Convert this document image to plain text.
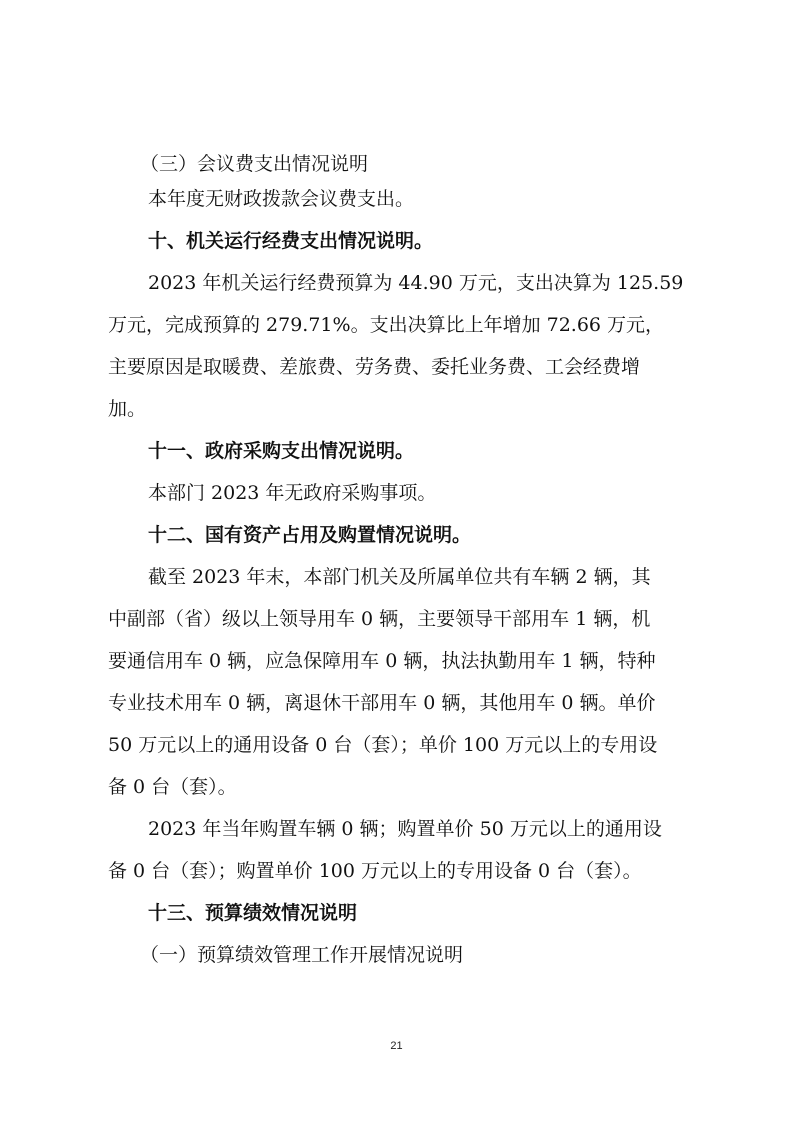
（三）会议费支出情况说明
本年度无财政拨款会议费支出。
十、机关运行经费支出情况说明。
2023 年机关运行经费预算为 44.90 万元，支出决算为 125.59
万元，完成预算的 279.71%。支出决算比上年增加 72.66 万元，
主要原因是取暖费、差旅费、劳务费、委托业务费、工会经费增
加。
十一、政府采购支出情况说明。
本部门 2023 年无政府采购事项。
十二、国有资产占用及购置情况说明。
截至 2023 年末，本部门机关及所属单位共有车辆 2 辆，其
中副部（省）级以上领导用车 0 辆，主要领导干部用车 1 辆，机
要通信用车 0 辆，应急保障用车 0 辆，执法执勤用车 1 辆，特种
专业技术用车 0 辆，离退休干部用车 0 辆，其他用车 0 辆。单价
50 万元以上的通用设备 0 台（套）；单价 100 万元以上的专用设
备 0 台（套）。
2023 年当年购置车辆 0 辆；购置单价 50 万元以上的通用设
备 0 台（套）；购置单价 100 万元以上的专用设备 0 台（套）。
十三、预算绩效情况说明
（一）预算绩效管理工作开展情况说明
21
